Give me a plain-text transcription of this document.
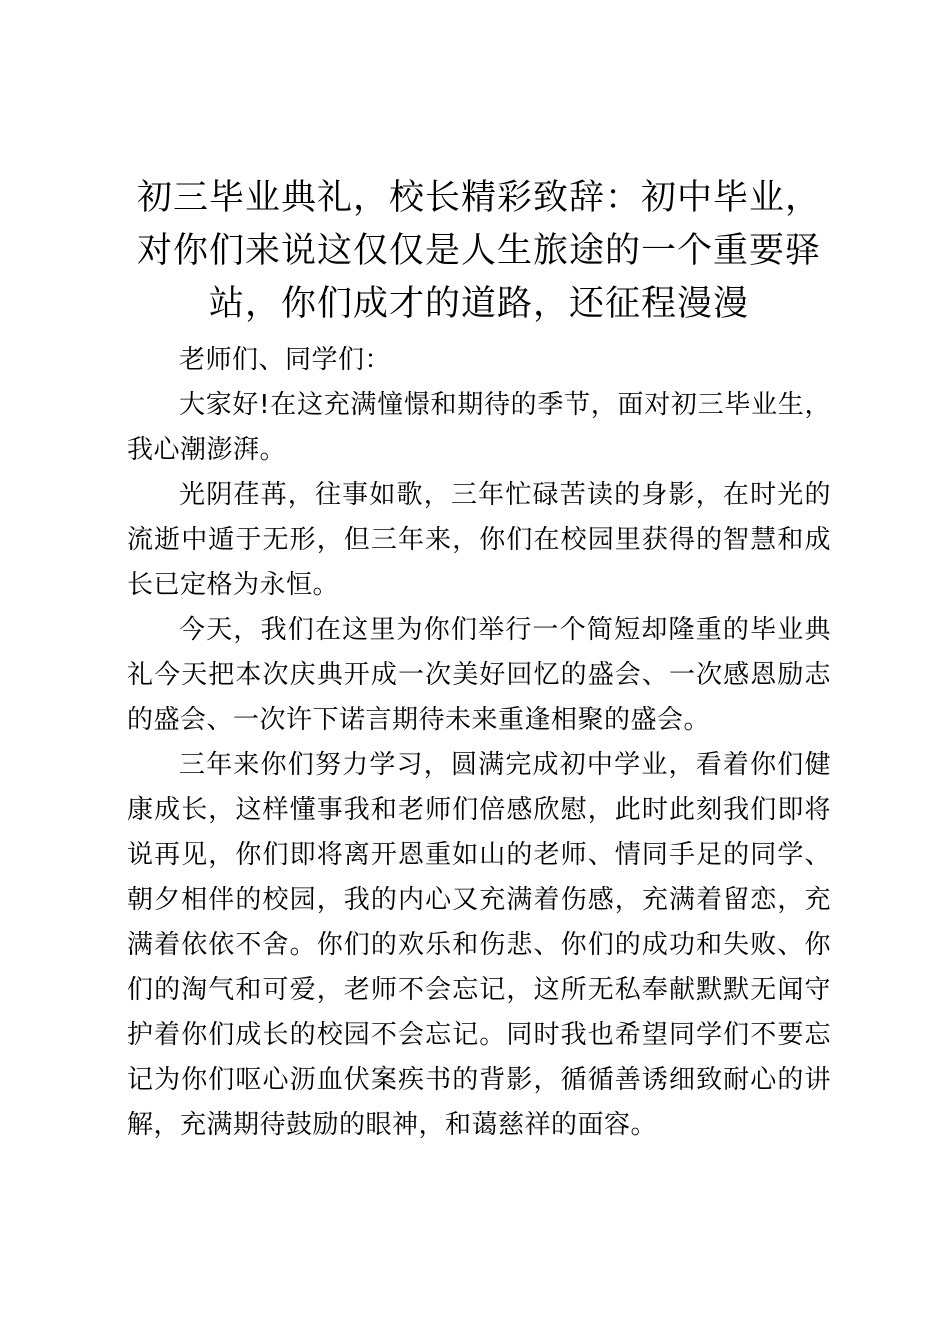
初三毕业典礼，校长精彩致辞：初中毕业，对你们来说这仅仅是人生旅途的一个重要驿站，你们成才的道路，还征程漫漫

老师们、同学们：

大家好!在这充满憧憬和期待的季节，面对初三毕业生，我心潮澎湃。

光阴荏苒，往事如歌，三年忙碌苦读的身影，在时光的流逝中遁于无形，但三年来，你们在校园里获得的智慧和成长已定格为永恒。

今天，我们在这里为你们举行一个简短却隆重的毕业典礼今天把本次庆典开成一次美好回忆的盛会、一次感恩励志的盛会、一次许下诺言期待未来重逢相聚的盛会。

三年来你们努力学习，圆满完成初中学业，看着你们健康成长，这样懂事我和老师们倍感欣慰，此时此刻我们即将说再见，你们即将离开恩重如山的老师、情同手足的同学、朝夕相伴的校园，我的内心又充满着伤感，充满着留恋，充满着依依不舍。你们的欢乐和伤悲、你们的成功和失败、你们的淘气和可爱，老师不会忘记，这所无私奉献默默无闻守护着你们成长的校园不会忘记。同时我也希望同学们不要忘记为你们呕心沥血伏案疾书的背影，循循善诱细致耐心的讲解，充满期待鼓励的眼神，和蔼慈祥的面容。
